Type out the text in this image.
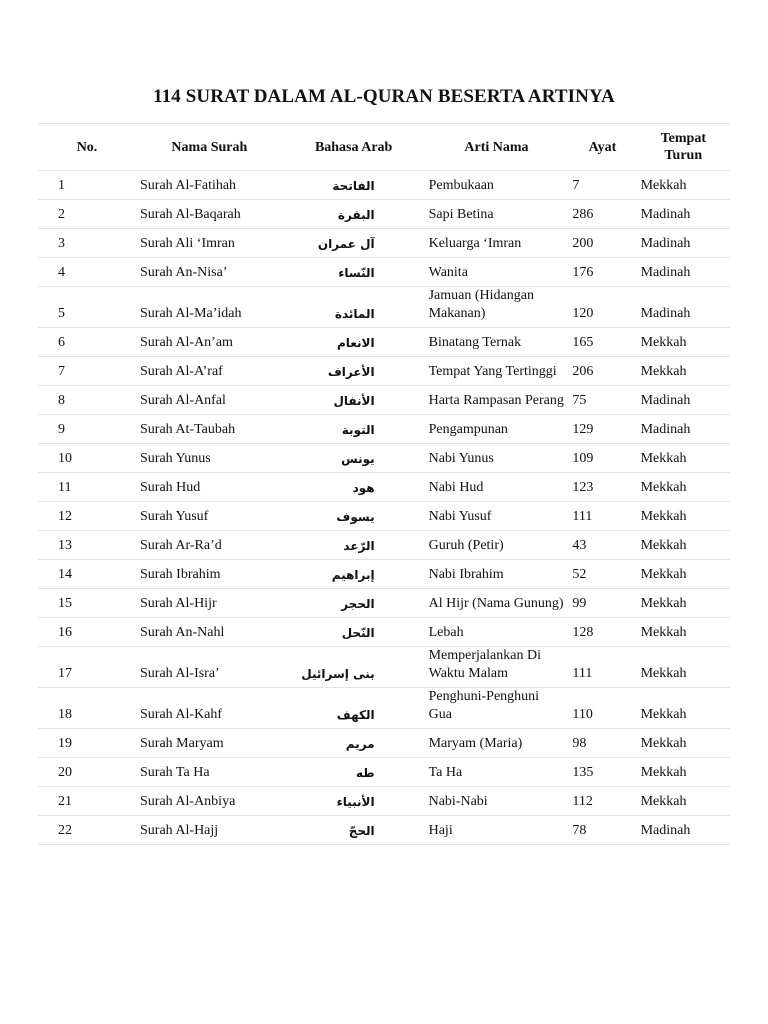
114 SURAT DALAM AL-QURAN BESERTA ARTINYA
No.	Nama Surah	Bahasa Arab	Arti Nama	Ayat	Tempat Turun
1	Surah Al-Fatihah	الفاتحة	Pembukaan	7	Mekkah
2	Surah Al-Baqarah	البقرة	Sapi Betina	286	Madinah
3	Surah Ali ‘Imran	آل عمران	Keluarga ‘Imran	200	Madinah
4	Surah An-Nisa’	النّساء	Wanita	176	Madinah
5	Surah Al-Ma’idah	المائدة	Jamuan (Hidangan Makanan)	120	Madinah
6	Surah Al-An’am	الانعام	Binatang Ternak	165	Mekkah
7	Surah Al-A’raf	الأعراف	Tempat Yang Tertinggi	206	Mekkah
8	Surah Al-Anfal	الأنفال	Harta Rampasan Perang	75	Madinah
9	Surah At-Taubah	التوبة	Pengampunan	129	Madinah
10	Surah Yunus	يونس	Nabi Yunus	109	Mekkah
11	Surah Hud	هود	Nabi Hud	123	Mekkah
12	Surah Yusuf	يسوف	Nabi Yusuf	111	Mekkah
13	Surah Ar-Ra’d	الرّعد	Guruh (Petir)	43	Mekkah
14	Surah Ibrahim	إبراهيم	Nabi Ibrahim	52	Mekkah
15	Surah Al-Hijr	الحجر	Al Hijr (Nama Gunung)	99	Mekkah
16	Surah An-Nahl	النّحل	Lebah	128	Mekkah
17	Surah Al-Isra’	بنى إسرائيل	Memperjalankan Di Waktu Malam	111	Mekkah
18	Surah Al-Kahf	الكهف	Penghuni-Penghuni Gua	110	Mekkah
19	Surah Maryam	مريم	Maryam (Maria)	98	Mekkah
20	Surah Ta Ha	طه	Ta Ha	135	Mekkah
21	Surah Al-Anbiya	الأنبياء	Nabi-Nabi	112	Mekkah
22	Surah Al-Hajj	الحجّ	Haji	78	Madinah
